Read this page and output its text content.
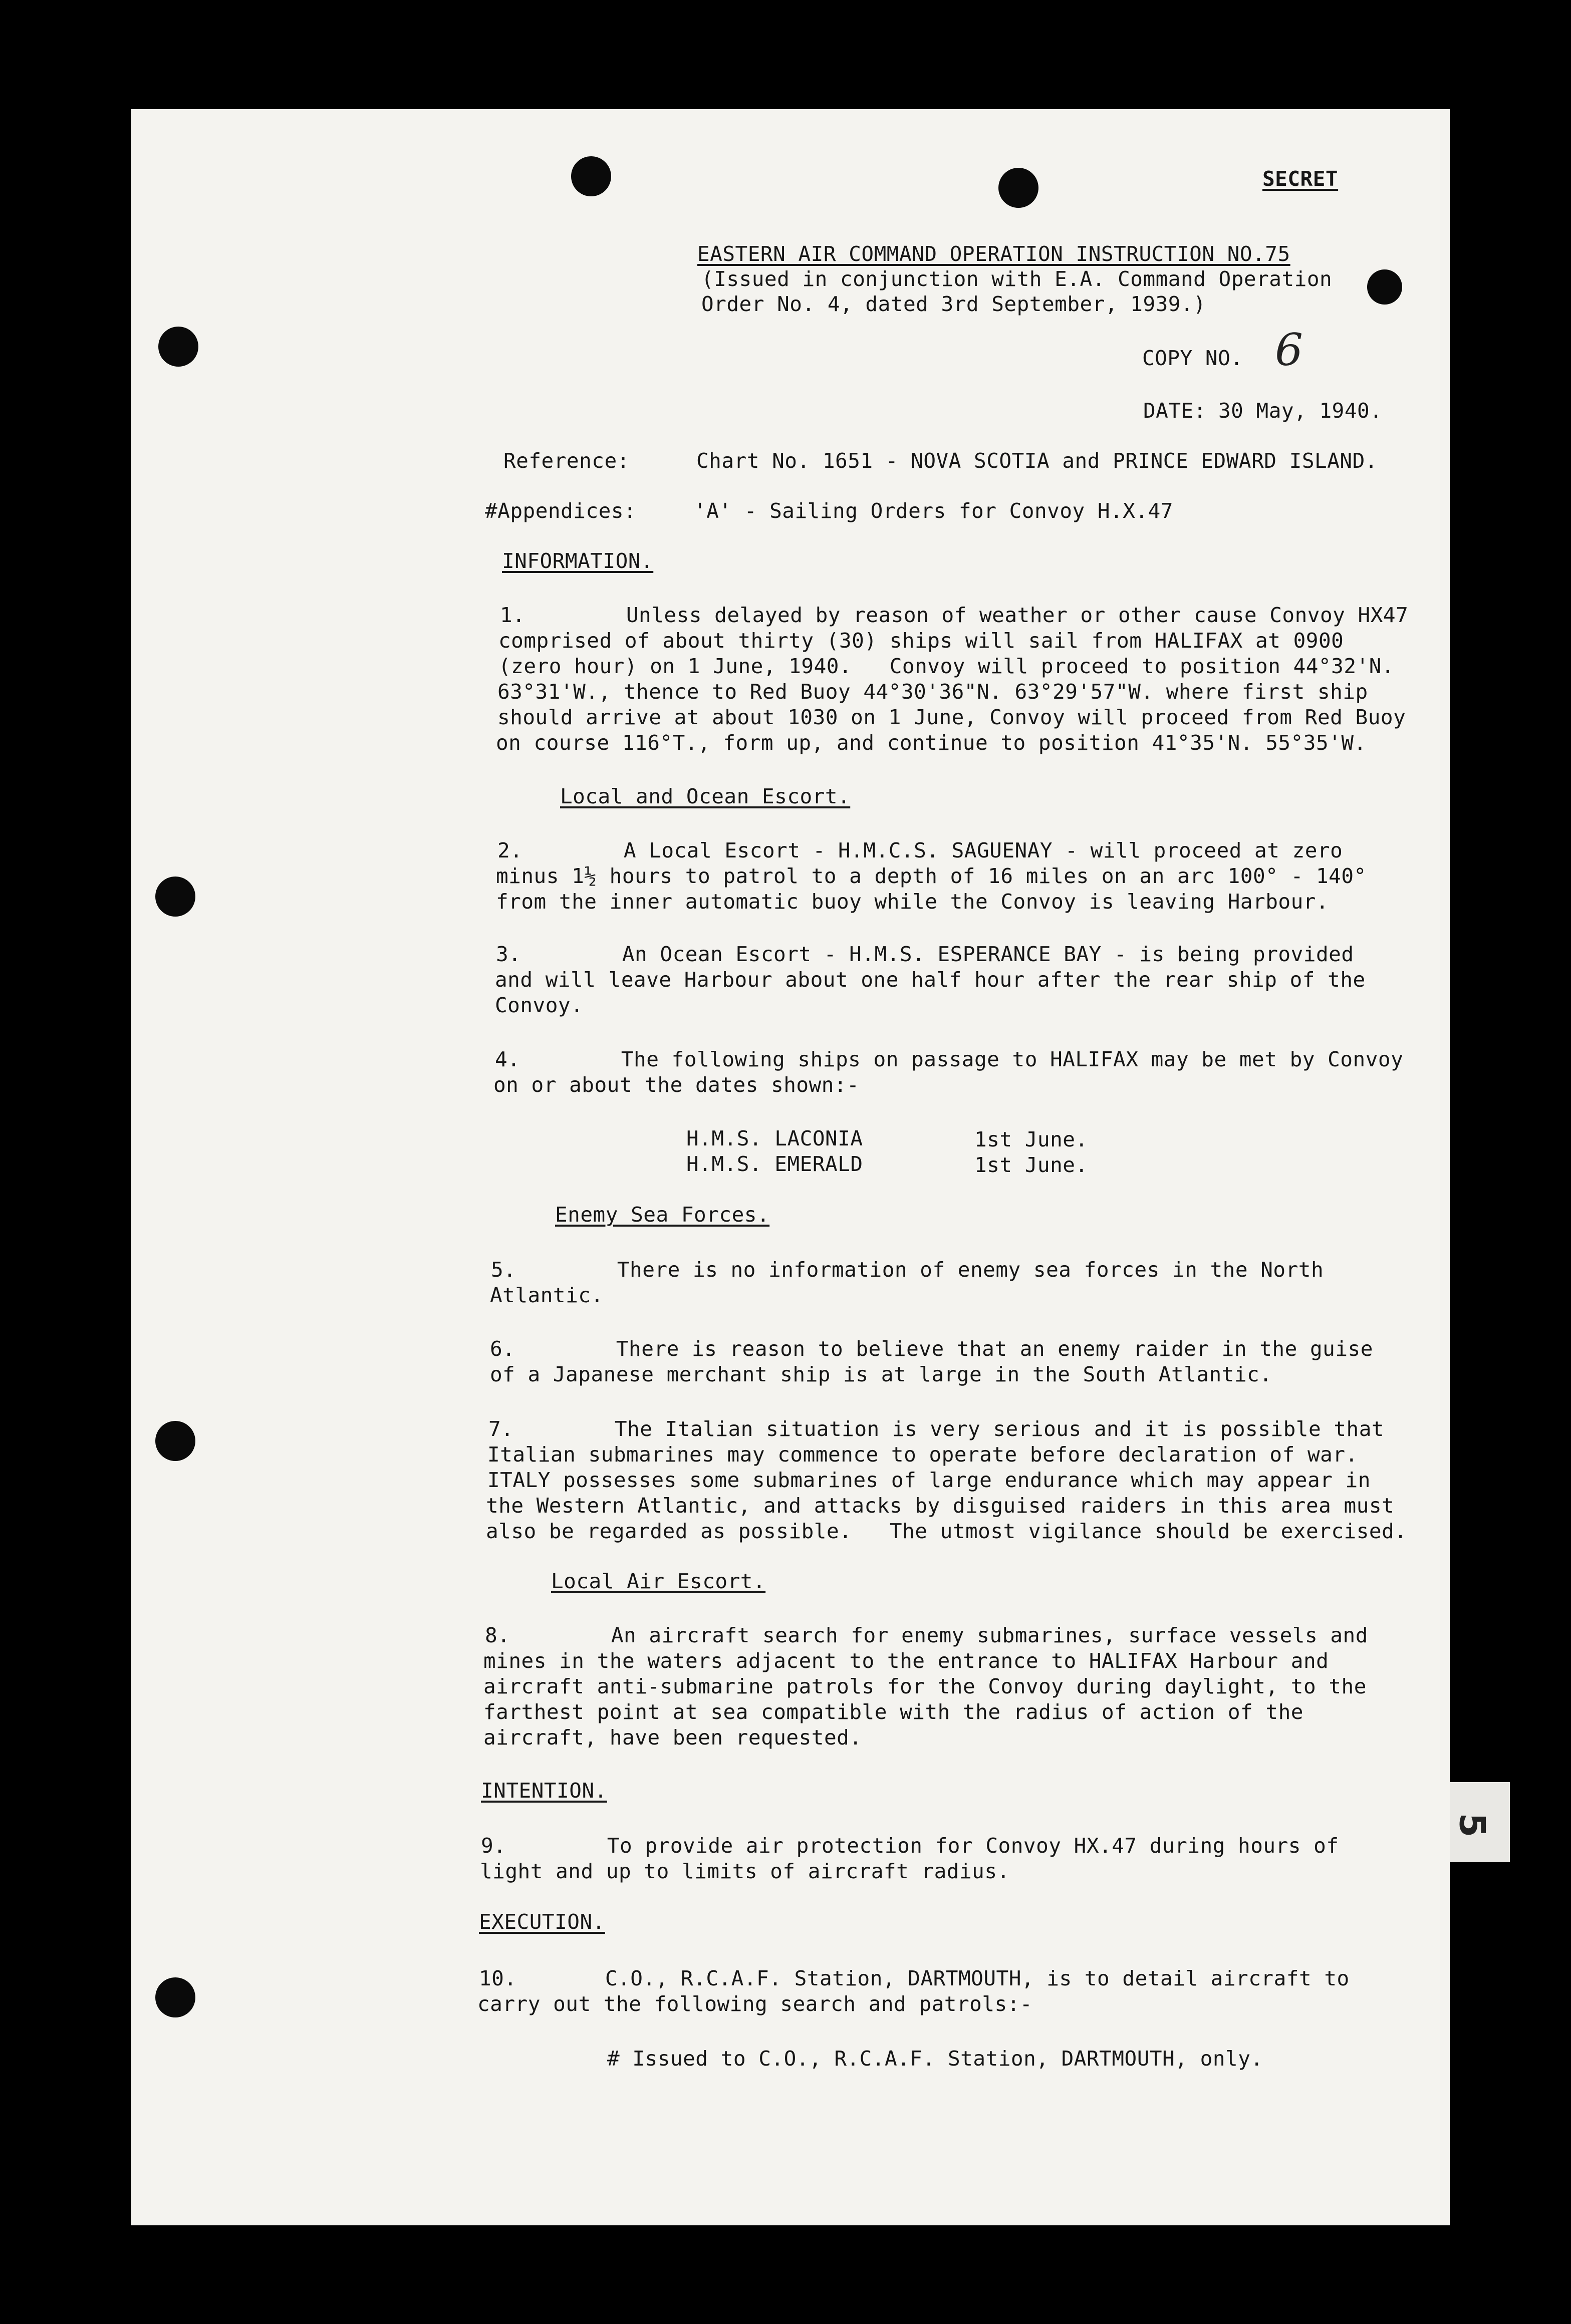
SECRET
EASTERN AIR COMMAND OPERATION INSTRUCTION NO.75
(Issued in conjunction with E.A. Command Operation
Order No. 4, dated 3rd September, 1939.)
COPY NO. 6
DATE: 30 May, 1940.
Reference:	Chart No. 1651 - NOVA SCOTIA and PRINCE EDWARD ISLAND.
#Appendices:	'A' - Sailing Orders for Convoy H.X.47
INFORMATION.
1.        Unless delayed by reason of weather or other cause Convoy HX47
comprised of about thirty (30) ships will sail from HALIFAX at 0900
(zero hour) on 1 June, 1940.   Convoy will proceed to position 44°32'N.
63°31'W., thence to Red Buoy 44°30'36"N. 63°29'57"W. where first ship
should arrive at about 1030 on 1 June, Convoy will proceed from Red Buoy
on course 116°T., form up, and continue to position 41°35'N. 55°35'W.
Local and Ocean Escort.
2.        A Local Escort - H.M.C.S. SAGUENAY - will proceed at zero
minus 1½ hours to patrol to a depth of 16 miles on an arc 100° - 140°
from the inner automatic buoy while the Convoy is leaving Harbour.
3.        An Ocean Escort - H.M.S. ESPERANCE BAY - is being provided
and will leave Harbour about one half hour after the rear ship of the
Convoy.
4.        The following ships on passage to HALIFAX may be met by Convoy
on or about the dates shown:-
H.M.S. LACONIA	1st June.
H.M.S. EMERALD	1st June.
Enemy Sea Forces.
5.        There is no information of enemy sea forces in the North
Atlantic.
6.        There is reason to believe that an enemy raider in the guise
of a Japanese merchant ship is at large in the South Atlantic.
7.        The Italian situation is very serious and it is possible that
Italian submarines may commence to operate before declaration of war.
ITALY possesses some submarines of large endurance which may appear in
the Western Atlantic, and attacks by disguised raiders in this area must
also be regarded as possible.   The utmost vigilance should be exercised.
Local Air Escort.
8.        An aircraft search for enemy submarines, surface vessels and
mines in the waters adjacent to the entrance to HALIFAX Harbour and
aircraft anti-submarine patrols for the Convoy during daylight, to the
farthest point at sea compatible with the radius of action of the
aircraft, have been requested.
INTENTION.
9.        To provide air protection for Convoy HX.47 during hours of
light and up to limits of aircraft radius.
EXECUTION.
10.       C.O., R.C.A.F. Station, DARTMOUTH, is to detail aircraft to
carry out the following search and patrols:-
# Issued to C.O., R.C.A.F. Station, DARTMOUTH, only.
5
